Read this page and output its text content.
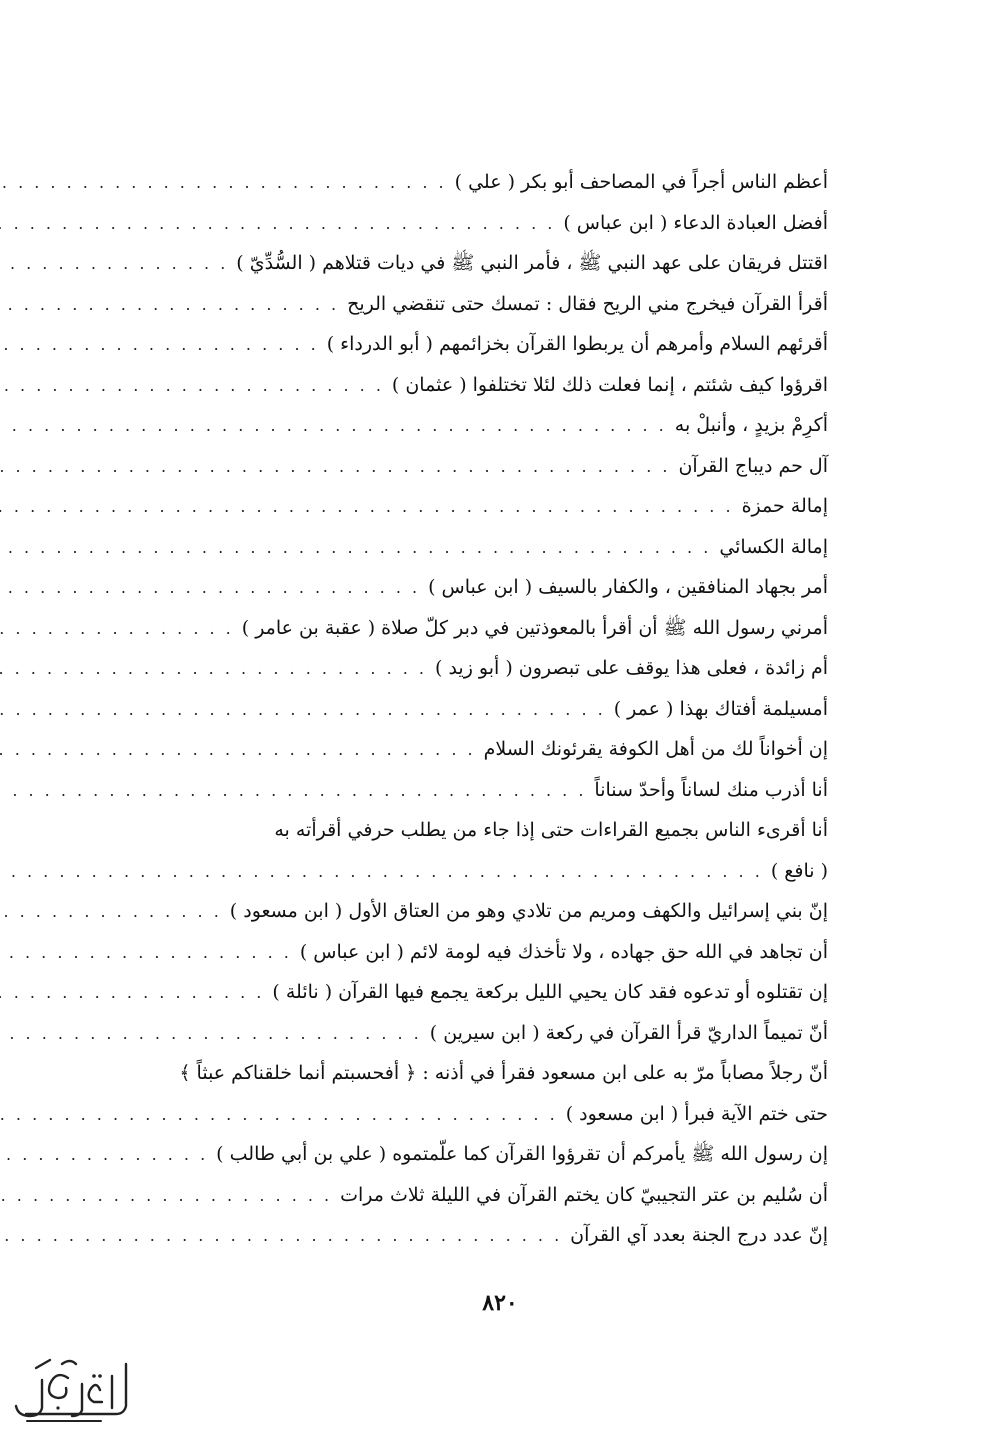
أعظم الناس أجراً في المصاحف أبو بكر ( علي )
. . .
أفضل العبادة الدعاء ( ابن عباس )
. . .
اقتتل فريقان على عهد النبي ﷺ ، فأمر النبي ﷺ في ديات قتلاهم ( السُّدِّيّ )
. . .
أقرأ القرآن فيخرج مني الريح فقال : تمسك حتى تنقضي الريح
. . .
أقرئهم السلام وأمرهم أن يربطوا القرآن بخزائمهم ( أبو الدرداء )
. . .
اقرؤوا كيف شئتم ، إنما فعلت ذلك لئلا تختلفوا ( عثمان )
. . .
أكرِمْ بزيدٍ ، وأنبلْ به
. . .
آل حم ديباج القرآن
. . .
إمالة حمزة
. . .
إمالة الكسائي
. . .
أمر بجهاد المنافقين ، والكفار بالسيف ( ابن عباس )
. . .
أمرني رسول الله ﷺ أن أقرأ بالمعوذتين في دبر كلّ صلاة ( عقبة بن عامر )
. . .
أم زائدة ، فعلى هذا يوقف على تبصرون ( أبو زيد )
. . .
أمسيلمة أفتاك بهذا ( عمر )
. . .
إن أخواناً لك من أهل الكوفة يقرئونك السلام
. . .
أنا أذرب منك لساناً وأحدّ سناناً
. . .
أنا أقرىء الناس بجميع القراءات حتى إذا جاء من يطلب حرفي أقرأته به
( نافع )
. . .
إنّ بني إسرائيل والكهف ومريم من تلادي وهو من العتاق الأول ( ابن مسعود )
. . .
أن تجاهد في الله حق جهاده ، ولا تأخذك فيه لومة لائم ( ابن عباس )
. . .
إن تقتلوه أو تدعوه فقد كان يحيي الليل بركعة يجمع فيها القرآن ( نائلة )
. . .
أنّ تميماً الداريّ قرأ القرآن في ركعة ( ابن سيرين )
. . .
أنّ رجلاً مصاباً مرّ به على ابن مسعود فقرأ في أذنه : ﴿ أفحسبتم أنما خلقناكم عبثاً ﴾
حتى ختم الآية فبرأ ( ابن مسعود )
. . .
إن رسول الله ﷺ يأمركم أن تقرؤوا القرآن كما علّمتموه ( علي بن أبي طالب )
. . .
أن سُليم بن عتر التجيبيّ كان يختم القرآن في الليلة ثلاث مرات
. . .
إنّ عدد درج الجنة بعدد آي القرآن
. . .
٨٢٠
